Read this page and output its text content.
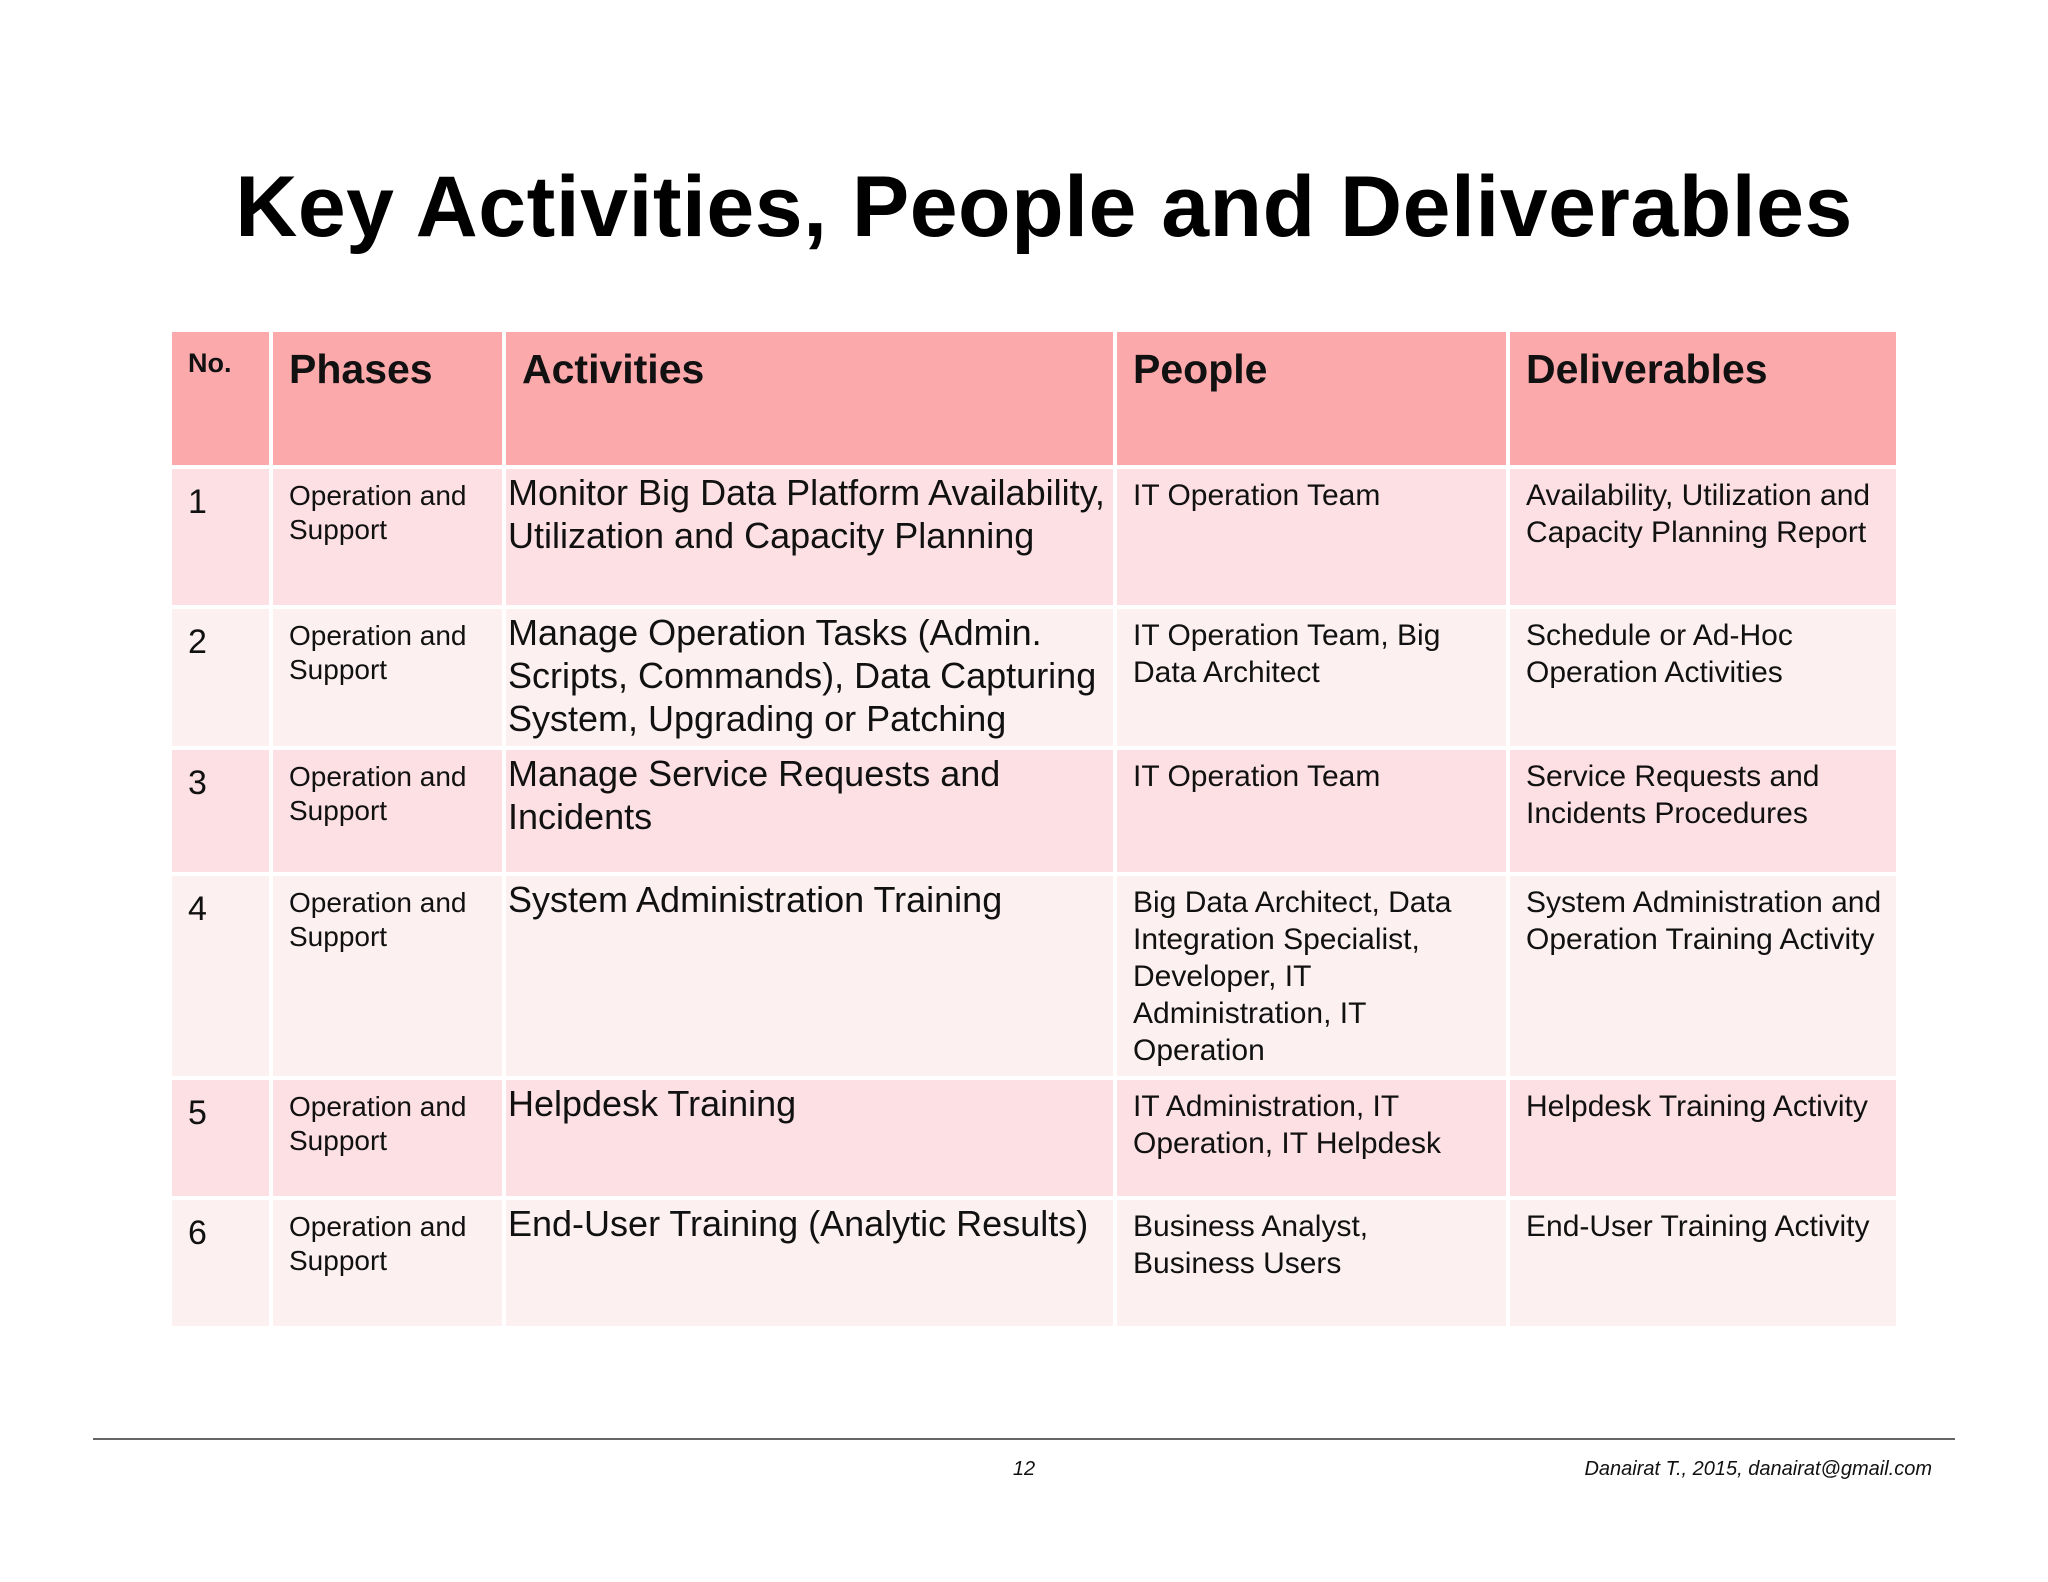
Key Activities, People and Deliverables
No.	Phases	Activities	People	Deliverables
1	Operation and Support	Monitor Big Data Platform Availability, Utilization and Capacity Planning	IT Operation Team	Availability, Utilization and Capacity Planning Report
2	Operation and Support	Manage Operation Tasks (Admin. Scripts, Commands), Data Capturing System, Upgrading or Patching	IT Operation Team, Big Data Architect	Schedule or Ad-Hoc Operation Activities
3	Operation and Support	Manage Service Requests and Incidents	IT Operation Team	Service Requests and Incidents Procedures
4	Operation and Support	System Administration Training	Big Data Architect, Data Integration Specialist, Developer, IT Administration, IT Operation	System Administration and Operation Training Activity
5	Operation and Support	Helpdesk Training	IT Administration, IT Operation, IT Helpdesk	Helpdesk Training Activity
6	Operation and Support	End-User Training (Analytic Results)	Business Analyst, Business Users	End-User Training Activity
12	Danairat T., 2015, danairat@gmail.com
